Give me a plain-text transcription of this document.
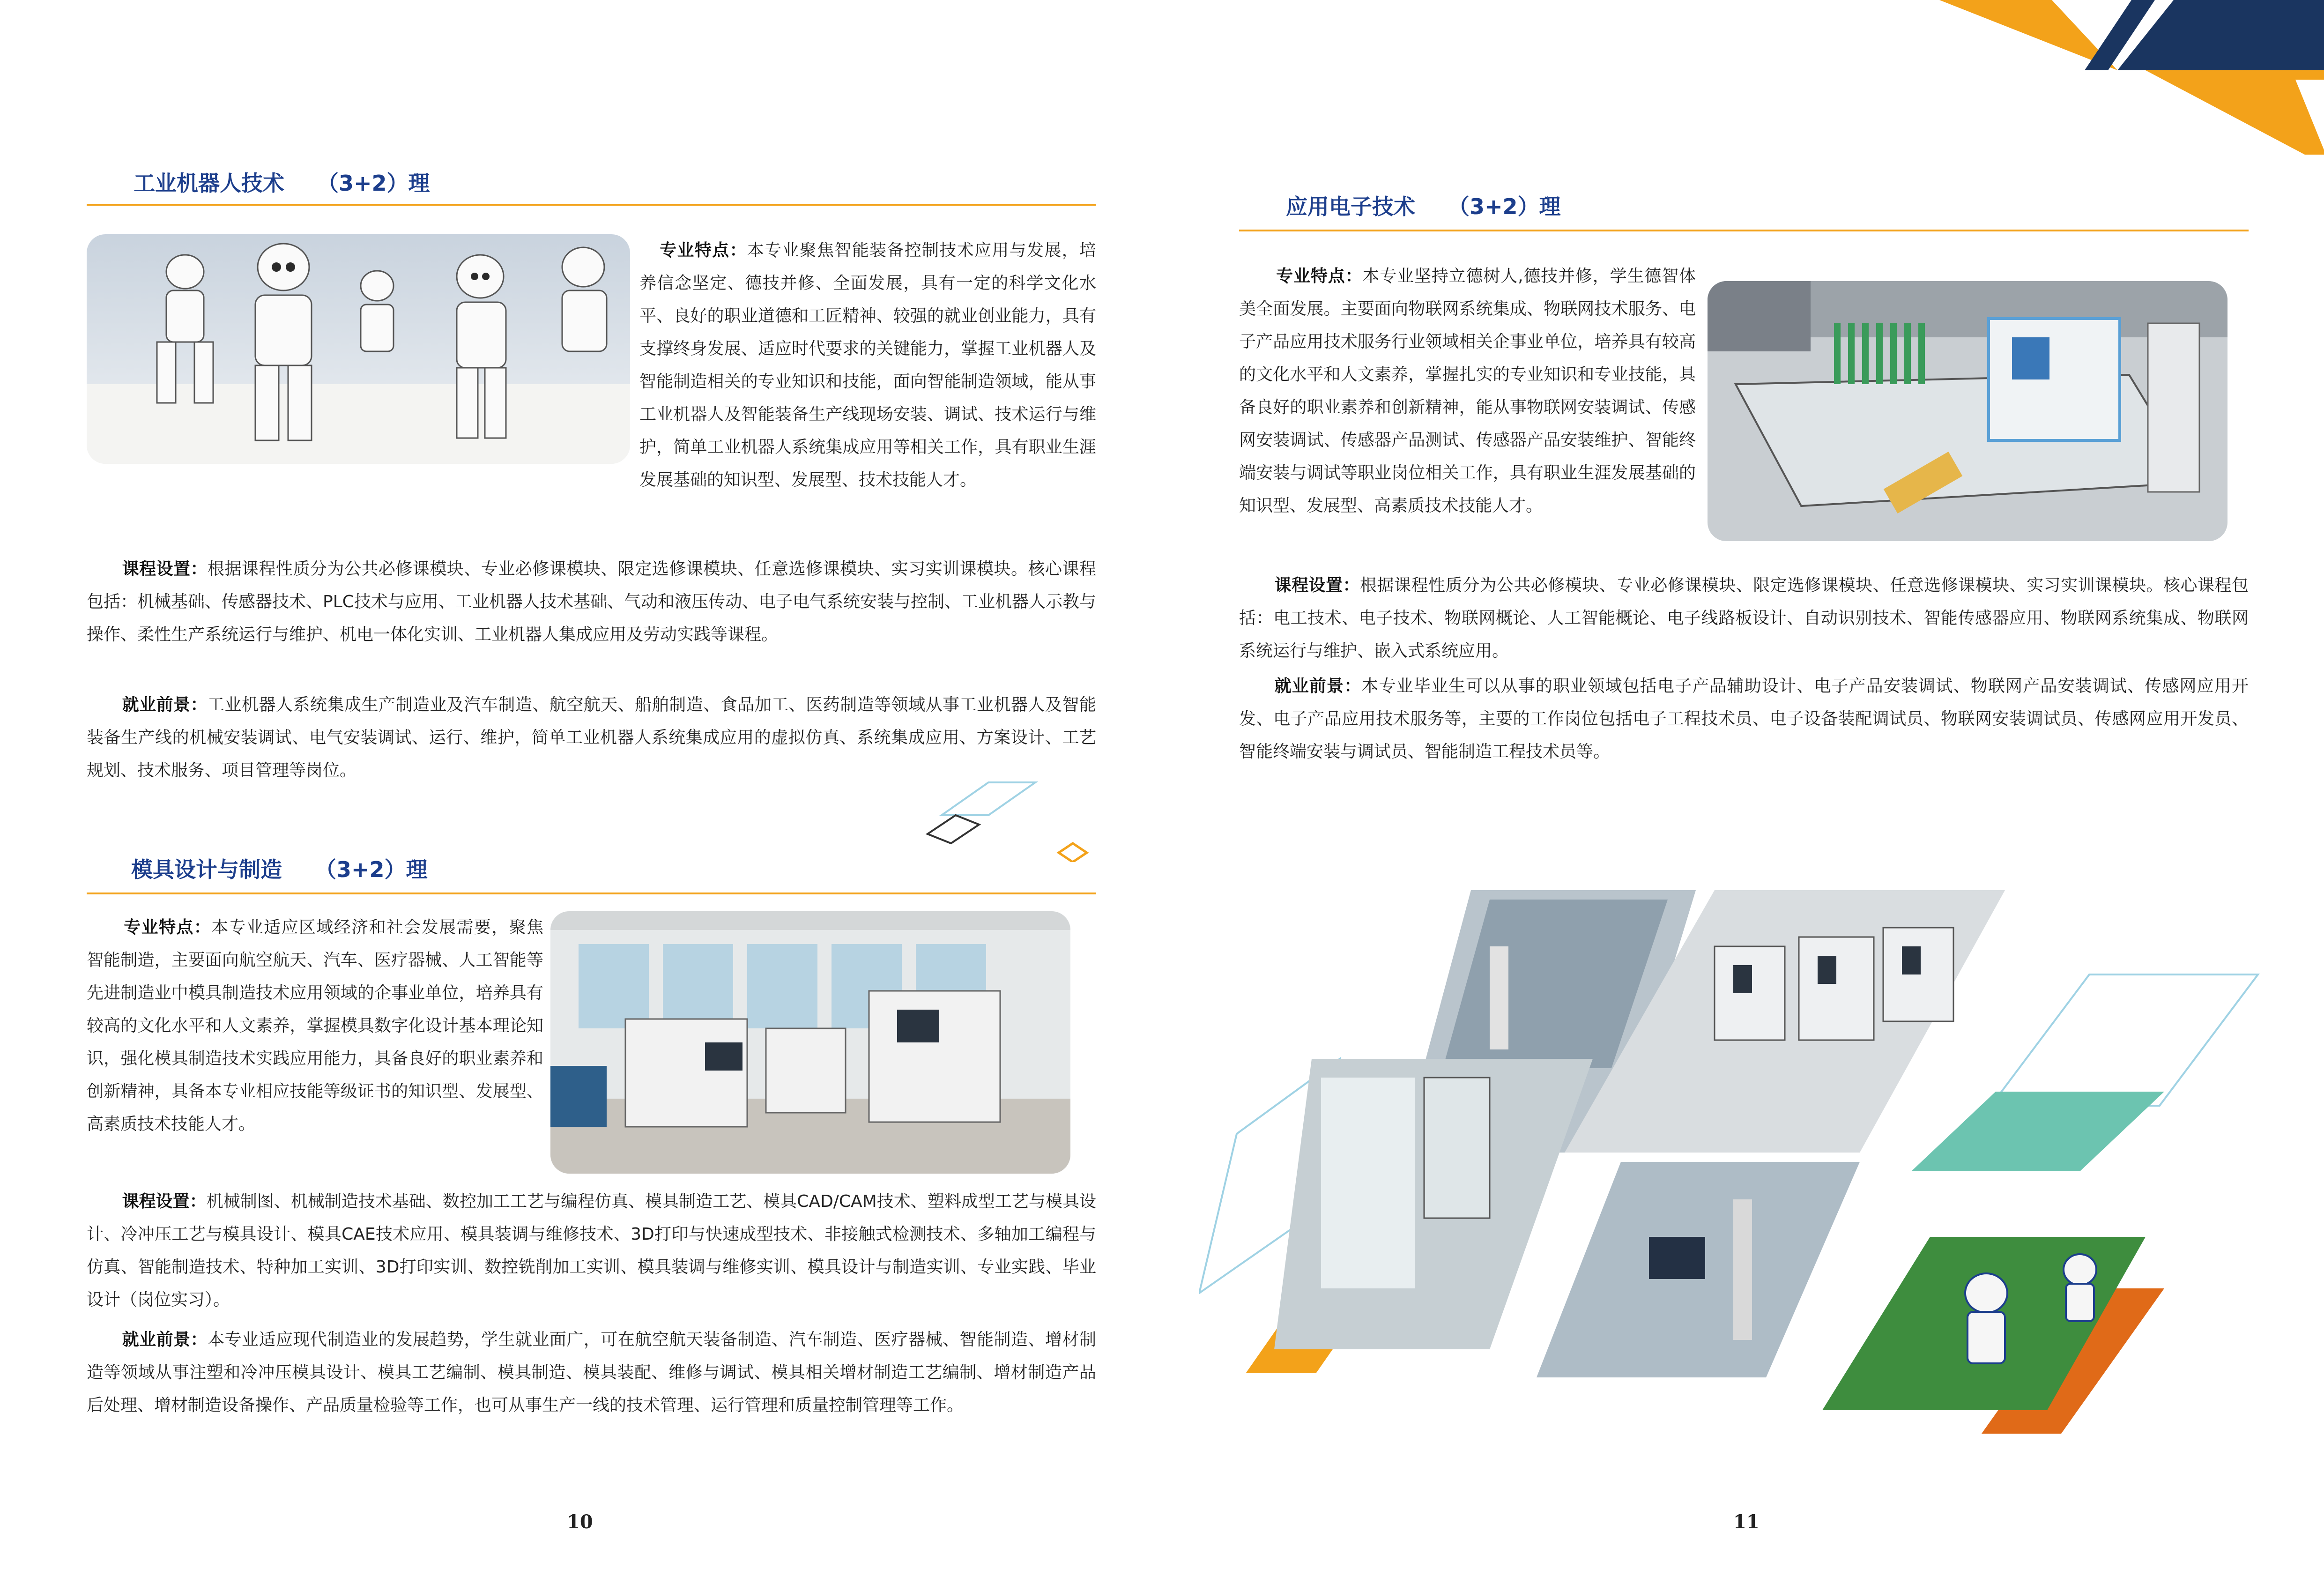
工业机器人技术 （3+2）理

专业特点：本专业聚焦智能装备控制技术应用与发展，培养信念坚定、德技并修、全面发展，具有一定的科学文化水平、良好的职业道德和工匠精神、较强的就业创业能力，具有支撑终身发展、适应时代要求的关键能力，掌握工业机器人及智能制造相关的专业知识和技能，面向智能制造领域，能从事工业机器人及智能装备生产线现场安装、调试、技术运行与维护，简单工业机器人系统集成应用等相关工作，具有职业生涯发展基础的知识型、发展型、技术技能人才。

课程设置：根据课程性质分为公共必修课模块、专业必修课模块、限定选修课模块、任意选修课模块、实习实训课模块。核心课程包括：机械基础、传感器技术、PLC技术与应用、工业机器人技术基础、气动和液压传动、电子电气系统安装与控制、工业机器人示教与操作、柔性生产系统运行与维护、机电一体化实训、工业机器人集成应用及劳动实践等课程。

就业前景：工业机器人系统集成生产制造业及汽车制造、航空航天、船舶制造、食品加工、医药制造等领域从事工业机器人及智能装备生产线的机械安装调试、电气安装调试、运行、维护，简单工业机器人系统集成应用的虚拟仿真、系统集成应用、方案设计、工艺规划、技术服务、项目管理等岗位。

模具设计与制造 （3+2）理

专业特点：本专业适应区域经济和社会发展需要，聚焦智能制造，主要面向航空航天、汽车、医疗器械、人工智能等先进制造业中模具制造技术应用领域的企事业单位，培养具有较高的文化水平和人文素养，掌握模具数字化设计基本理论知识，强化模具制造技术实践应用能力，具备良好的职业素养和创新精神，具备本专业相应技能等级证书的知识型、发展型、高素质技术技能人才。

课程设置：机械制图、机械制造技术基础、数控加工工艺与编程仿真、模具制造工艺、模具CAD/CAM技术、塑料成型工艺与模具设计、冷冲压工艺与模具设计、模具CAE技术应用、模具装调与维修技术、3D打印与快速成型技术、非接触式检测技术、多轴加工编程与仿真、智能制造技术、特种加工实训、3D打印实训、数控铣削加工实训、模具装调与维修实训、模具设计与制造实训、专业实践、毕业设计（岗位实习）。

就业前景：本专业适应现代制造业的发展趋势，学生就业面广，可在航空航天装备制造、汽车制造、医疗器械、智能制造、增材制造等领域从事注塑和冷冲压模具设计、模具工艺编制、模具制造、模具装配、维修与调试、模具相关增材制造工艺编制、增材制造产品后处理、增材制造设备操作、产品质量检验等工作，也可从事生产一线的技术管理、运行管理和质量控制管理等工作。

10
应用电子技术 （3+2）理

专业特点：本专业坚持立德树人,德技并修，学生德智体美全面发展。主要面向物联网系统集成、物联网技术服务、电子产品应用技术服务行业领域相关企事业单位，培养具有较高的文化水平和人文素养，掌握扎实的专业知识和专业技能，具备良好的职业素养和创新精神，能从事物联网安装调试、传感网安装调试、传感器产品测试、传感器产品安装维护、智能终端安装与调试等职业岗位相关工作，具有职业生涯发展基础的知识型、发展型、高素质技术技能人才。

课程设置：根据课程性质分为公共必修模块、专业必修课模块、限定选修课模块、任意选修课模块、实习实训课模块。核心课程包括：电工技术、电子技术、物联网概论、人工智能概论、电子线路板设计、自动识别技术、智能传感器应用、物联网系统集成、物联网系统运行与维护、嵌入式系统应用。

就业前景：本专业毕业生可以从事的职业领域包括电子产品辅助设计、电子产品安装调试、物联网产品安装调试、传感网应用开发、电子产品应用技术服务等，主要的工作岗位包括电子工程技术员、电子设备装配调试员、物联网安装调试员、传感网应用开发员、智能终端安装与调试员、智能制造工程技术员等。

11
